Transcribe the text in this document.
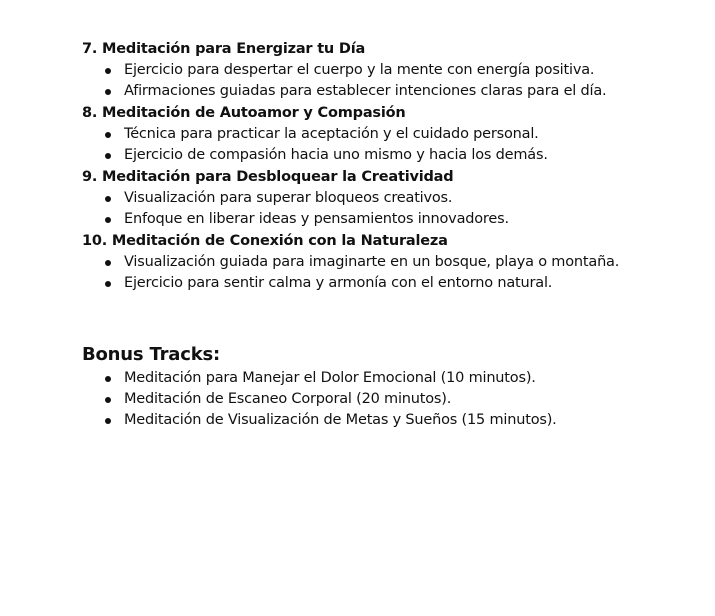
7. Meditación para Energizar tu Día
Ejercicio para despertar el cuerpo y la mente con energía positiva.
Afirmaciones guiadas para establecer intenciones claras para el día.
8. Meditación de Autoamor y Compasión
Técnica para practicar la aceptación y el cuidado personal.
Ejercicio de compasión hacia uno mismo y hacia los demás.
9. Meditación para Desbloquear la Creatividad
Visualización para superar bloqueos creativos.
Enfoque en liberar ideas y pensamientos innovadores.
10. Meditación de Conexión con la Naturaleza
Visualización guiada para imaginarte en un bosque, playa o montaña.
Ejercicio para sentir calma y armonía con el entorno natural.
Bonus Tracks:
Meditación para Manejar el Dolor Emocional (10 minutos).
Meditación de Escaneo Corporal (20 minutos).
Meditación de Visualización de Metas y Sueños (15 minutos).
